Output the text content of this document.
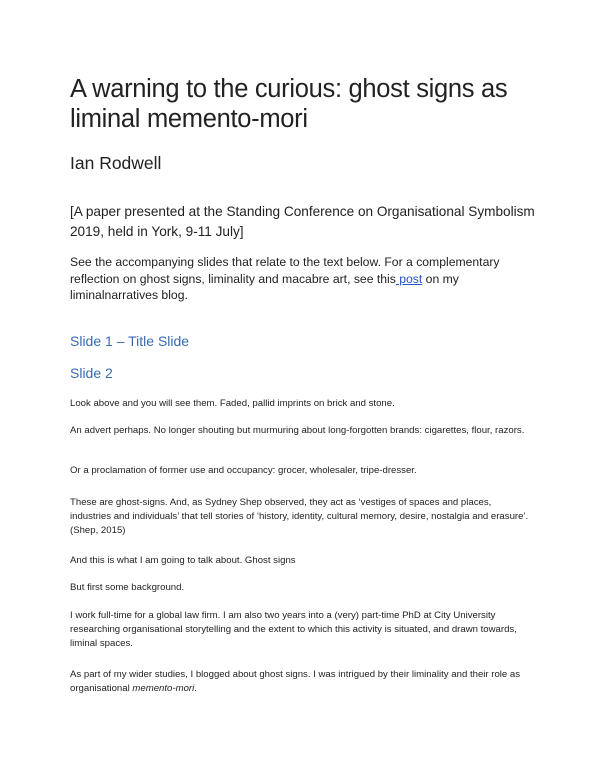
A warning to the curious: ghost signs as liminal memento-mori

Ian Rodwell

[A paper presented at the Standing Conference on Organisational Symbolism 2019, held in York, 9-11 July]

See the accompanying slides that relate to the text below. For a complementary reflection on ghost signs, liminality and macabre art, see this post on my liminalnarratives blog.

Slide 1 – Title Slide
Slide 2

Look above and you will see them. Faded, pallid imprints on brick and stone.

An advert perhaps. No longer shouting but murmuring about long-forgotten brands: cigarettes, flour, razors.

Or a proclamation of former use and occupancy: grocer, wholesaler, tripe-dresser.

These are ghost-signs. And, as Sydney Shep observed, they act as ‘vestiges of spaces and places, industries and individuals’ that tell stories of ‘history, identity, cultural memory, desire, nostalgia and erasure’. (Shep, 2015)

And this is what I am going to talk about. Ghost signs

But first some background.

I work full-time for a global law firm. I am also two years into a (very) part-time PhD at City University researching organisational storytelling and the extent to which this activity is situated, and drawn towards, liminal spaces.

As part of my wider studies, I blogged about ghost signs. I was intrigued by their liminality and their role as organisational memento-mori.
